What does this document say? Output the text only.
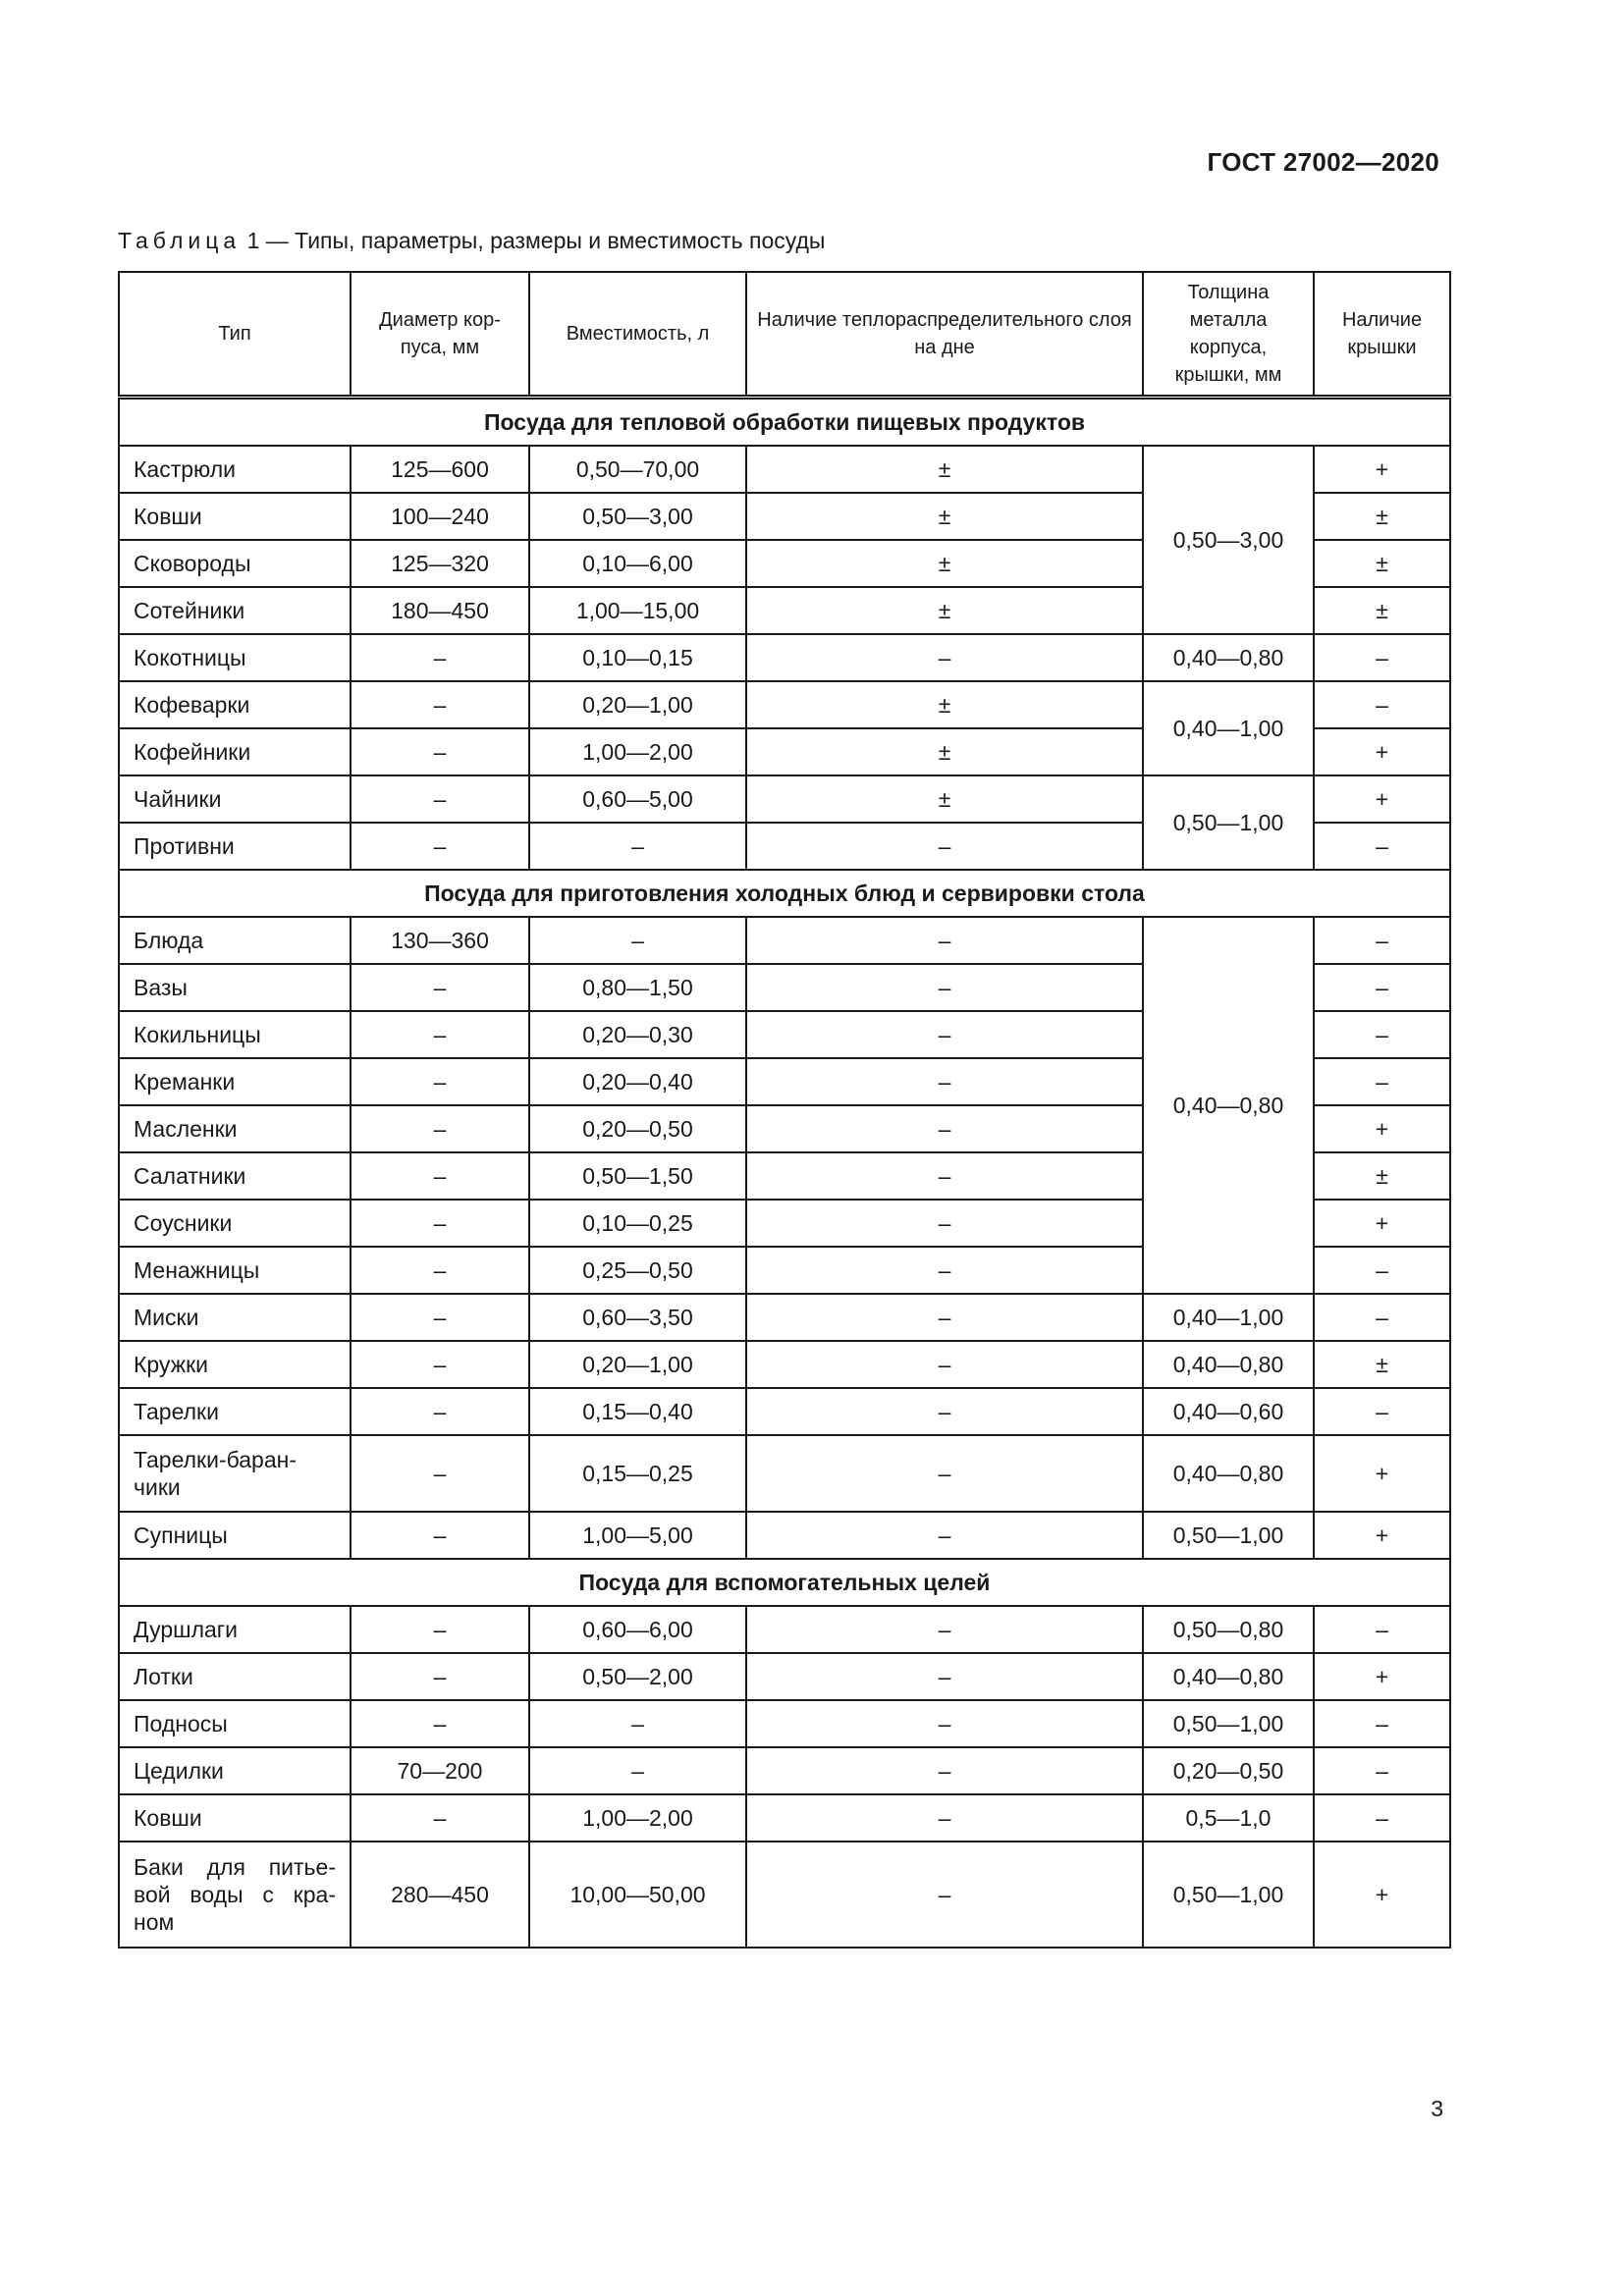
ГОСТ 27002—2020
Таблица 1 — Типы, параметры, размеры и вместимость посуды
Тип	Диаметр кор-пуса, мм	Вместимость, л	Наличие теплораспределительного слоя на дне	Толщина металла корпуса, крышки, мм	Наличие крышки
Посуда для тепловой обработки пищевых продуктов					
Кастрюли	125—600	0,50—70,00	±	0,50—3,00	+
Ковши	100—240	0,50—3,00	±		±
Сковороды	125—320	0,10—6,00	±		±
Сотейники	180—450	1,00—15,00	±		±
Кокотницы	–	0,10—0,15	–	0,40—0,80	–
Кофеварки	–	0,20—1,00	±	0,40—1,00	–
Кофейники	–	1,00—2,00	±		+
Чайники	–	0,60—5,00	±	0,50—1,00	+
Противни	–	–	–		–
Посуда для приготовления холодных блюд и сервировки стола					
Блюда	130—360	–	–	0,40—0,80	–
Вазы	–	0,80—1,50	–		–
Кокильницы	–	0,20—0,30	–		–
Креманки	–	0,20—0,40	–		–
Масленки	–	0,20—0,50	–		+
Салатники	–	0,50—1,50	–		±
Соусники	–	0,10—0,25	–		+
Менажницы	–	0,25—0,50	–		–
Миски	–	0,60—3,50	–	0,40—1,00	–
Кружки	–	0,20—1,00	–	0,40—0,80	±
Тарелки	–	0,15—0,40	–	0,40—0,60	–
Тарелки-баран-чики	–	0,15—0,25	–	0,40—0,80	+
Супницы	–	1,00—5,00	–	0,50—1,00	+
Посуда для вспомогательных целей					
Дуршлаги	–	0,60—6,00	–	0,50—0,80	–
Лотки	–	0,50—2,00	–	0,40—0,80	+
Подносы	–	–	–	0,50—1,00	–
Цедилки	70—200	–	–	0,20—0,50	–
Ковши	–	1,00—2,00	–	0,5—1,0	–
Баки для питье-вой воды с кра-ном	280—450	10,00—50,00	–	0,50—1,00	+
3
